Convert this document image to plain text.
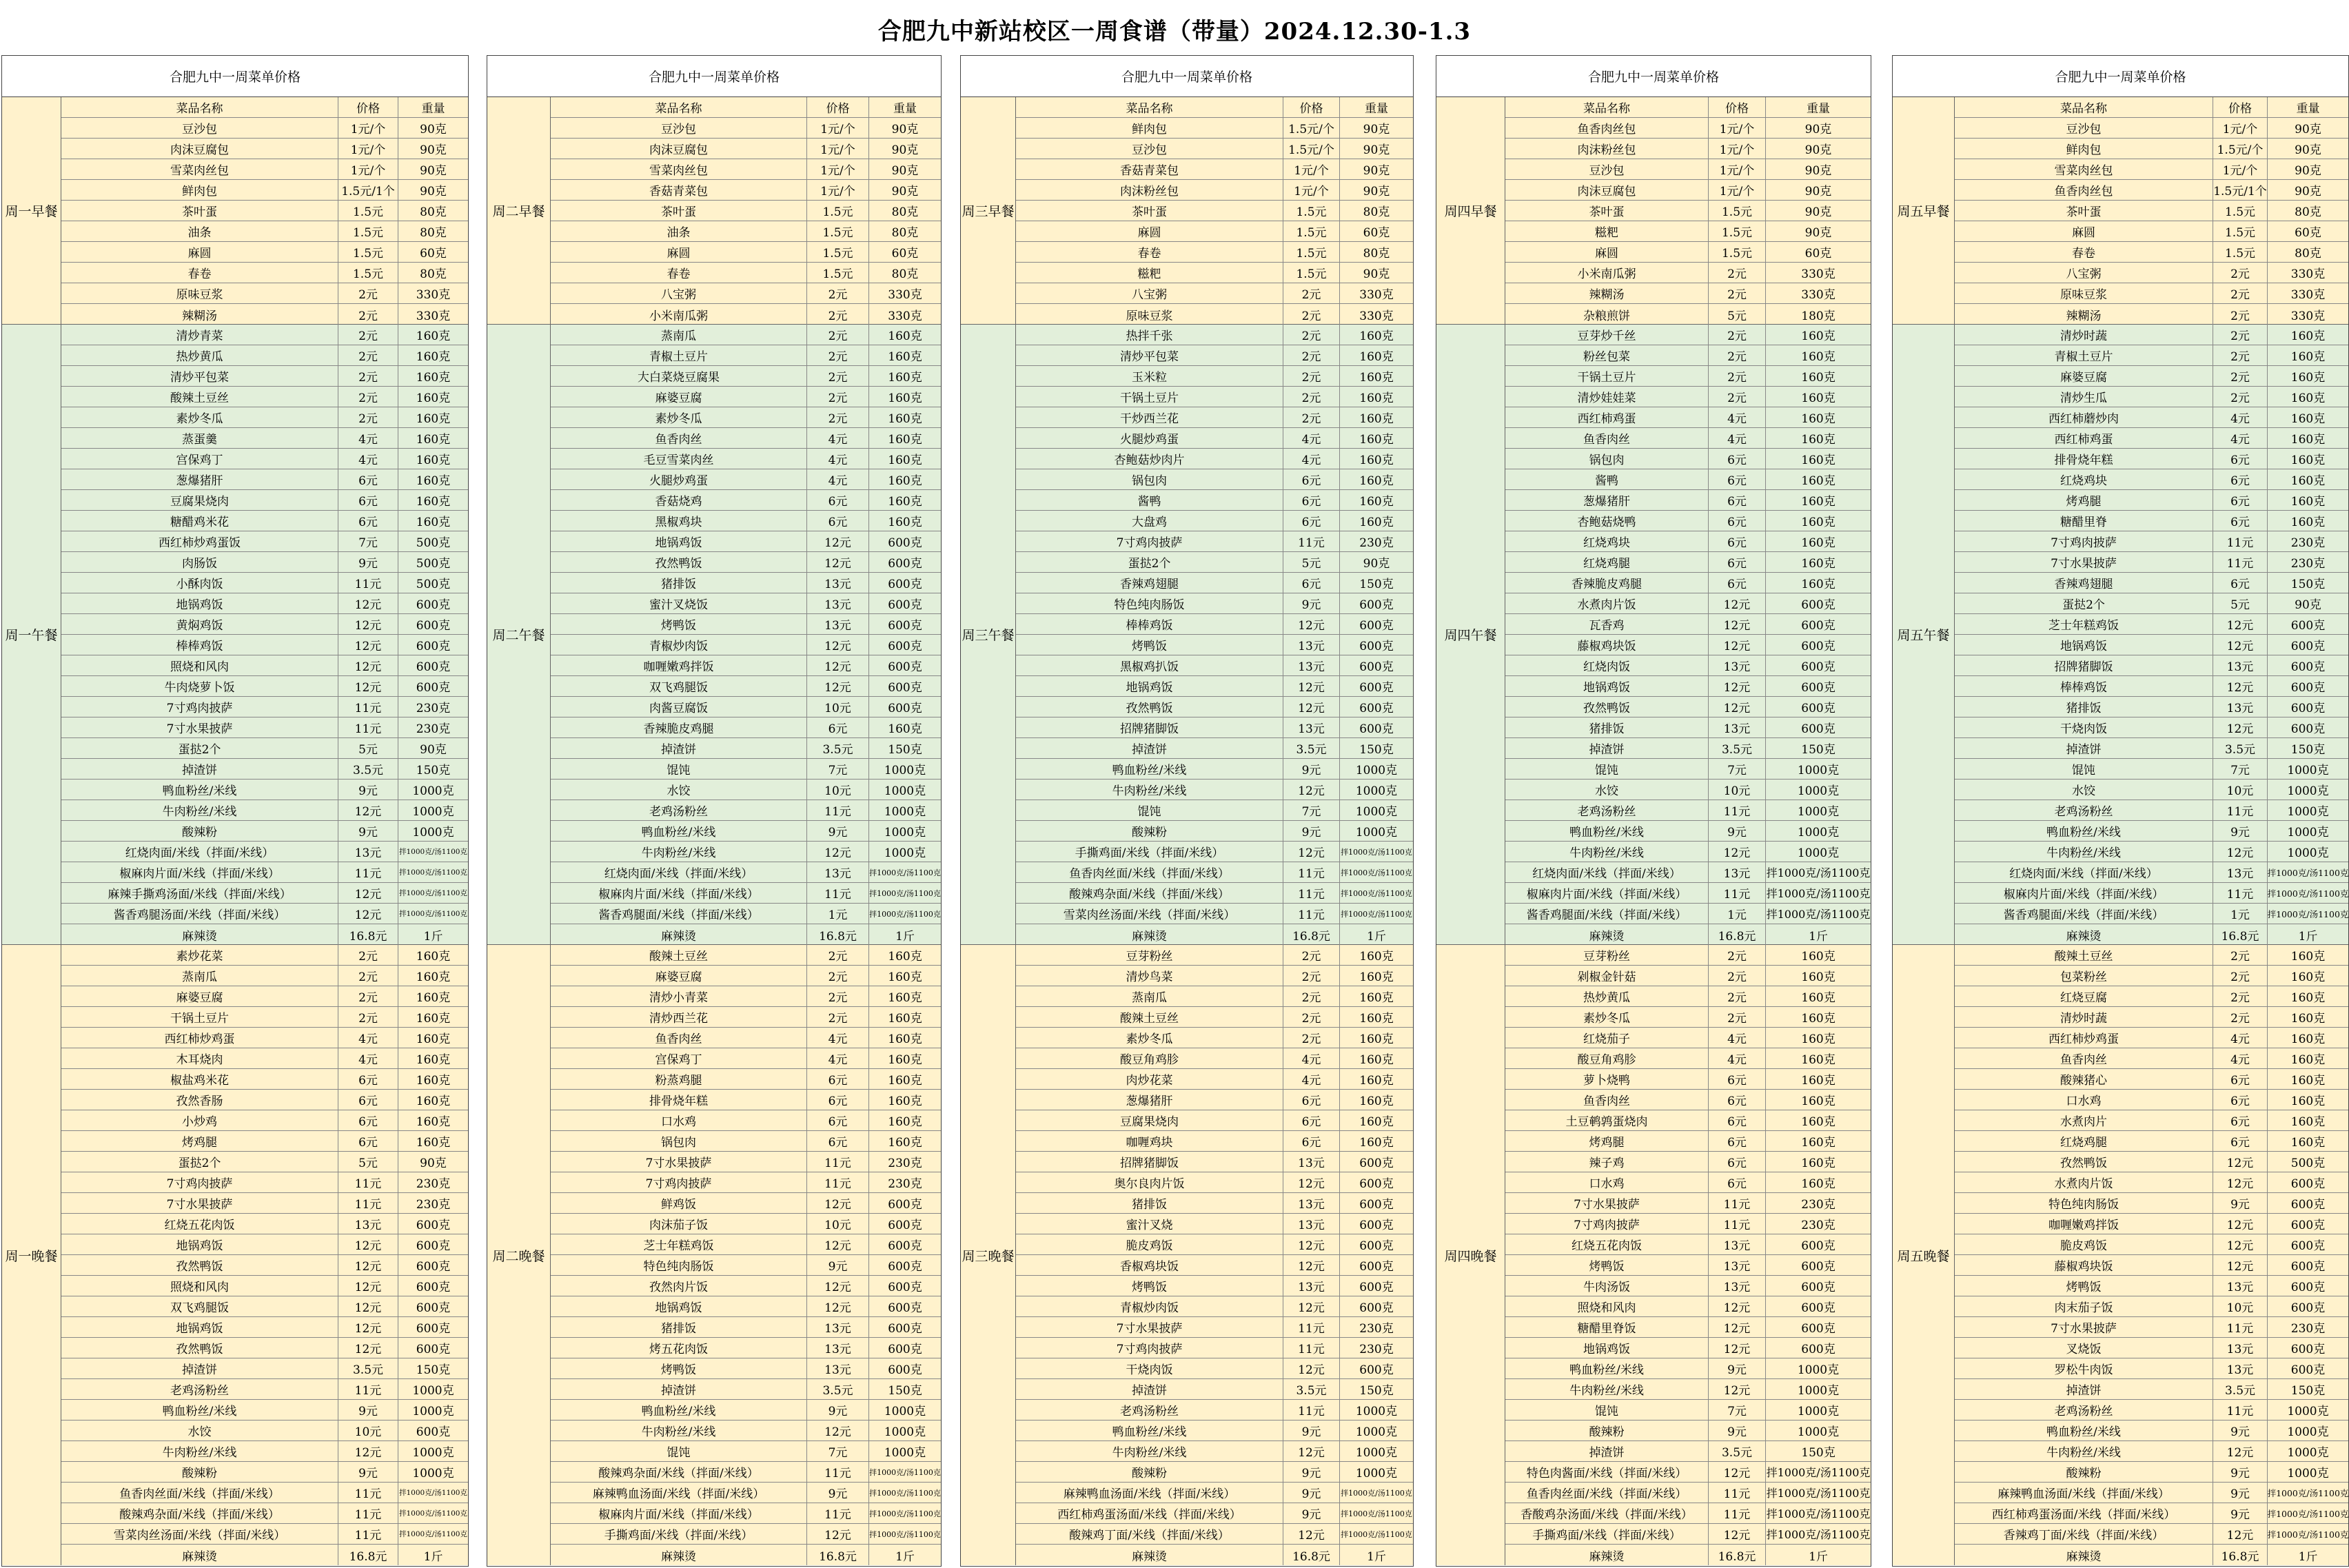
合肥九中新站校区一周食谱（带量）2024.12.30-1.3
合肥九中一周菜单价格
周一早餐
菜品名称	价格	重量
豆沙包	1元/个	90克
肉沫豆腐包	1元/个	90克
雪菜肉丝包	1元/个	90克
鲜肉包	1.5元/1个	90克
茶叶蛋	1.5元	80克
油条	1.5元	80克
麻圆	1.5元	60克
春卷	1.5元	80克
原味豆浆	2元	330克
辣糊汤	2元	330克
周一午餐
清炒青菜	2元	160克
热炒黄瓜	2元	160克
清炒平包菜	2元	160克
酸辣土豆丝	2元	160克
素炒冬瓜	2元	160克
蒸蛋羹	4元	160克
宫保鸡丁	4元	160克
葱爆猪肝	6元	160克
豆腐果烧肉	6元	160克
糖醋鸡米花	6元	160克
西红柿炒鸡蛋饭	7元	500克
肉肠饭	9元	500克
小酥肉饭	11元	500克
地锅鸡饭	12元	600克
黄焖鸡饭	12元	600克
棒棒鸡饭	12元	600克
照烧和风肉	12元	600克
牛肉烧萝卜饭	12元	600克
7寸鸡肉披萨	11元	230克
7寸水果披萨	11元	230克
蛋挞2个	5元	90克
掉渣饼	3.5元	150克
鸭血粉丝/米线	9元	1000克
牛肉粉丝/米线	12元	1000克
酸辣粉	9元	1000克
红烧肉面/米线（拌面/米线）	13元	拌1000克/汤1100克
椒麻肉片面/米线（拌面/米线）	11元	拌1000克/汤1100克
麻辣手撕鸡汤面/米线（拌面/米线）	12元	拌1000克/汤1100克
酱香鸡腿汤面/米线（拌面/米线）	12元	拌1000克/汤1100克
麻辣烫	16.8元	1斤
周一晚餐
素炒花菜	2元	160克
蒸南瓜	2元	160克
麻婆豆腐	2元	160克
干锅土豆片	2元	160克
西红柿炒鸡蛋	4元	160克
木耳烧肉	4元	160克
椒盐鸡米花	6元	160克
孜然香肠	6元	160克
小炒鸡	6元	160克
烤鸡腿	6元	160克
蛋挞2个	5元	90克
7寸鸡肉披萨	11元	230克
7寸水果披萨	11元	230克
红烧五花肉饭	13元	600克
地锅鸡饭	12元	600克
孜然鸭饭	12元	600克
照烧和风肉	12元	600克
双飞鸡腿饭	12元	600克
地锅鸡饭	12元	600克
孜然鸭饭	12元	600克
掉渣饼	3.5元	150克
老鸡汤粉丝	11元	1000克
鸭血粉丝/米线	9元	1000克
水饺	10元	600克
牛肉粉丝/米线	12元	1000克
酸辣粉	9元	1000克
鱼香肉丝面/米线（拌面/米线）	11元	拌1000克/汤1100克
酸辣鸡杂面/米线（拌面/米线）	11元	拌1000克/汤1100克
雪菜肉丝汤面/米线（拌面/米线）	11元	拌1000克/汤1100克
麻辣烫	16.8元	1斤
合肥九中一周菜单价格
周二早餐
菜品名称	价格	重量
豆沙包	1元/个	90克
肉沫豆腐包	1元/个	90克
雪菜肉丝包	1元/个	90克
香菇青菜包	1元/个	90克
茶叶蛋	1.5元	80克
油条	1.5元	80克
麻圆	1.5元	60克
春卷	1.5元	80克
八宝粥	2元	330克
小米南瓜粥	2元	330克
周二午餐
蒸南瓜	2元	160克
青椒土豆片	2元	160克
大白菜烧豆腐果	2元	160克
麻婆豆腐	2元	160克
素炒冬瓜	2元	160克
鱼香肉丝	4元	160克
毛豆雪菜肉丝	4元	160克
火腿炒鸡蛋	4元	160克
香菇烧鸡	6元	160克
黑椒鸡块	6元	160克
地锅鸡饭	12元	600克
孜然鸭饭	12元	600克
猪排饭	13元	600克
蜜汁叉烧饭	13元	600克
烤鸭饭	13元	600克
青椒炒肉饭	12元	600克
咖喱嫩鸡拌饭	12元	600克
双飞鸡腿饭	12元	600克
肉酱豆腐饭	10元	600克
香辣脆皮鸡腿	6元	160克
掉渣饼	3.5元	150克
馄饨	7元	1000克
水饺	10元	1000克
老鸡汤粉丝	11元	1000克
鸭血粉丝/米线	9元	1000克
牛肉粉丝/米线	12元	1000克
红烧肉面/米线（拌面/米线）	13元	拌1000克/汤1100克
椒麻肉片面/米线（拌面/米线）	11元	拌1000克/汤1100克
酱香鸡腿面/米线（拌面/米线）	1元	拌1000克/汤1100克
麻辣烫	16.8元	1斤
周二晚餐
酸辣土豆丝	2元	160克
麻婆豆腐	2元	160克
清炒小青菜	2元	160克
清炒西兰花	2元	160克
鱼香肉丝	4元	160克
宫保鸡丁	4元	160克
粉蒸鸡腿	6元	160克
排骨烧年糕	6元	160克
口水鸡	6元	160克
锅包肉	6元	160克
7寸水果披萨	11元	230克
7寸鸡肉披萨	11元	230克
鲜鸡饭	12元	600克
肉沫茄子饭	10元	600克
芝士年糕鸡饭	12元	600克
特色纯肉肠饭	9元	600克
孜然肉片饭	12元	600克
地锅鸡饭	12元	600克
猪排饭	13元	600克
烤五花肉饭	13元	600克
烤鸭饭	13元	600克
掉渣饼	3.5元	150克
鸭血粉丝/米线	9元	1000克
牛肉粉丝/米线	12元	1000克
馄饨	7元	1000克
酸辣鸡杂面/米线（拌面/米线）	11元	拌1000克/汤1100克
麻辣鸭血汤面/米线（拌面/米线）	9元	拌1000克/汤1100克
椒麻肉片面/米线（拌面/米线）	11元	拌1000克/汤1100克
手撕鸡面/米线（拌面/米线）	12元	拌1000克/汤1100克
麻辣烫	16.8元	1斤
合肥九中一周菜单价格
周三早餐
菜品名称	价格	重量
鲜肉包	1.5元/个	90克
豆沙包	1.5元/个	90克
香菇青菜包	1元/个	90克
肉沫粉丝包	1元/个	90克
茶叶蛋	1.5元	80克
麻圆	1.5元	60克
春卷	1.5元	80克
糍粑	1.5元	90克
八宝粥	2元	330克
原味豆浆	2元	330克
周三午餐
热拌千张	2元	160克
清炒平包菜	2元	160克
玉米粒	2元	160克
干锅土豆片	2元	160克
干炒西兰花	2元	160克
火腿炒鸡蛋	4元	160克
杏鲍菇炒肉片	4元	160克
锅包肉	6元	160克
酱鸭	6元	160克
大盘鸡	6元	160克
7寸鸡肉披萨	11元	230克
蛋挞2个	5元	90克
香辣鸡翅腿	6元	150克
特色纯肉肠饭	9元	600克
棒棒鸡饭	12元	600克
烤鸭饭	13元	600克
黑椒鸡扒饭	13元	600克
地锅鸡饭	12元	600克
孜然鸭饭	12元	600克
招牌猪脚饭	13元	600克
掉渣饼	3.5元	150克
鸭血粉丝/米线	9元	1000克
牛肉粉丝/米线	12元	1000克
馄饨	7元	1000克
酸辣粉	9元	1000克
手撕鸡面/米线（拌面/米线）	12元	拌1000克/汤1100克
鱼香肉丝面/米线（拌面/米线）	11元	拌1000克/汤1100克
酸辣鸡杂面/米线（拌面/米线）	11元	拌1000克/汤1100克
雪菜肉丝汤面/米线（拌面/米线）	11元	拌1000克/汤1100克
麻辣烫	16.8元	1斤
周三晚餐
豆芽粉丝	2元	160克
清炒鸟菜	2元	160克
蒸南瓜	2元	160克
酸辣土豆丝	2元	160克
素炒冬瓜	2元	160克
酸豆角鸡胗	4元	160克
肉炒花菜	4元	160克
葱爆猪肝	6元	160克
豆腐果烧肉	6元	160克
咖喱鸡块	6元	160克
招牌猪脚饭	13元	600克
奥尔良肉片饭	12元	600克
猪排饭	13元	600克
蜜汁叉烧	13元	600克
脆皮鸡饭	12元	600克
香椒鸡块饭	12元	600克
烤鸭饭	13元	600克
青椒炒肉饭	12元	600克
7寸水果披萨	11元	230克
7寸鸡肉披萨	11元	230克
干烧肉饭	12元	600克
掉渣饼	3.5元	150克
老鸡汤粉丝	11元	1000克
鸭血粉丝/米线	9元	1000克
牛肉粉丝/米线	12元	1000克
酸辣粉	9元	1000克
麻辣鸭血汤面/米线（拌面/米线）	9元	拌1000克/汤1100克
西红柿鸡蛋汤面/米线（拌面/米线）	9元	拌1000克/汤1100克
酸辣鸡丁面/米线（拌面/米线）	12元	拌1000克/汤1100克
麻辣烫	16.8元	1斤
合肥九中一周菜单价格
周四早餐
菜品名称	价格	重量
鱼香肉丝包	1元/个	90克
肉沫粉丝包	1元/个	90克
豆沙包	1元/个	90克
肉沫豆腐包	1元/个	90克
茶叶蛋	1.5元	90克
糍粑	1.5元	90克
麻圆	1.5元	60克
小米南瓜粥	2元	330克
辣糊汤	2元	330克
杂粮煎饼	5元	180克
周四午餐
豆芽炒千丝	2元	160克
粉丝包菜	2元	160克
干锅土豆片	2元	160克
清炒娃娃菜	2元	160克
西红柿鸡蛋	4元	160克
鱼香肉丝	4元	160克
锅包肉	6元	160克
酱鸭	6元	160克
葱爆猪肝	6元	160克
杏鲍菇烧鸭	6元	160克
红烧鸡块	6元	160克
红烧鸡腿	6元	160克
香辣脆皮鸡腿	6元	160克
水煮肉片饭	12元	600克
瓦香鸡	12元	600克
藤椒鸡块饭	12元	600克
红烧肉饭	13元	600克
地锅鸡饭	12元	600克
孜然鸭饭	12元	600克
猪排饭	13元	600克
掉渣饼	3.5元	150克
馄饨	7元	1000克
水饺	10元	1000克
老鸡汤粉丝	11元	1000克
鸭血粉丝/米线	9元	1000克
牛肉粉丝/米线	12元	1000克
红烧肉面/米线（拌面/米线）	13元	拌1000克/汤1100克
椒麻肉片面/米线（拌面/米线）	11元	拌1000克/汤1100克
酱香鸡腿面/米线（拌面/米线）	1元	拌1000克/汤1100克
麻辣烫	16.8元	1斤
周四晚餐
豆芽粉丝	2元	160克
剁椒金针菇	2元	160克
热炒黄瓜	2元	160克
素炒冬瓜	2元	160克
红烧茄子	4元	160克
酸豆角鸡胗	4元	160克
萝卜烧鸭	6元	160克
鱼香肉丝	6元	160克
土豆鹌鹑蛋烧肉	6元	160克
烤鸡腿	6元	160克
辣子鸡	6元	160克
口水鸡	6元	160克
7寸水果披萨	11元	230克
7寸鸡肉披萨	11元	230克
红烧五花肉饭	13元	600克
烤鸭饭	13元	600克
牛肉汤饭	13元	600克
照烧和风肉	12元	600克
糖醋里脊饭	12元	600克
地锅鸡饭	12元	600克
鸭血粉丝/米线	9元	1000克
牛肉粉丝/米线	12元	1000克
馄饨	7元	1000克
酸辣粉	9元	1000克
掉渣饼	3.5元	150克
特色肉酱面/米线（拌面/米线）	12元	拌1000克/汤1100克
鱼香肉丝面/米线（拌面/米线）	11元	拌1000克/汤1100克
香酸鸡杂汤面/米线（拌面/米线）	11元	拌1000克/汤1100克
手撕鸡面/米线（拌面/米线）	12元	拌1000克/汤1100克
麻辣烫	16.8元	1斤
合肥九中一周菜单价格
周五早餐
菜品名称	价格	重量
豆沙包	1元/个	90克
鲜肉包	1.5元/个	90克
雪菜肉丝包	1元/个	90克
鱼香肉丝包	1.5元/1个	90克
茶叶蛋	1.5元	80克
麻圆	1.5元	60克
春卷	1.5元	80克
八宝粥	2元	330克
原味豆浆	2元	330克
辣糊汤	2元	330克
周五午餐
清炒时蔬	2元	160克
青椒土豆片	2元	160克
麻婆豆腐	2元	160克
清炒生瓜	2元	160克
西红柿蘑炒肉	4元	160克
西红柿鸡蛋	4元	160克
排骨烧年糕	6元	160克
红烧鸡块	6元	160克
烤鸡腿	6元	160克
糖醋里脊	6元	160克
7寸鸡肉披萨	11元	230克
7寸水果披萨	11元	230克
香辣鸡翅腿	6元	150克
蛋挞2个	5元	90克
芝士年糕鸡饭	12元	600克
地锅鸡饭	12元	600克
招牌猪脚饭	13元	600克
棒棒鸡饭	12元	600克
猪排饭	13元	600克
干烧肉饭	12元	600克
掉渣饼	3.5元	150克
馄饨	7元	1000克
水饺	10元	1000克
老鸡汤粉丝	11元	1000克
鸭血粉丝/米线	9元	1000克
牛肉粉丝/米线	12元	1000克
红烧肉面/米线（拌面/米线）	13元	拌1000克/汤1100克
椒麻肉片面/米线（拌面/米线）	11元	拌1000克/汤1100克
酱香鸡腿面/米线（拌面/米线）	1元	拌1000克/汤1100克
麻辣烫	16.8元	1斤
周五晚餐
酸辣土豆丝	2元	160克
包菜粉丝	2元	160克
红烧豆腐	2元	160克
清炒时蔬	2元	160克
西红柿炒鸡蛋	4元	160克
鱼香肉丝	4元	160克
酸辣猪心	6元	160克
口水鸡	6元	160克
水煮肉片	6元	160克
红烧鸡腿	6元	160克
孜然鸭饭	12元	500克
水煮肉片饭	12元	600克
特色纯肉肠饭	9元	600克
咖喱嫩鸡拌饭	12元	600克
脆皮鸡饭	12元	600克
藤椒鸡块饭	12元	600克
烤鸭饭	13元	600克
肉末茄子饭	10元	600克
7寸水果披萨	11元	230克
叉烧饭	13元	600克
罗松牛肉饭	13元	600克
掉渣饼	3.5元	150克
老鸡汤粉丝	11元	1000克
鸭血粉丝/米线	9元	1000克
牛肉粉丝/米线	12元	1000克
酸辣粉	9元	1000克
麻辣鸭血汤面/米线（拌面/米线）	9元	拌1000克/汤1100克
西红柿鸡蛋汤面/米线（拌面/米线）	9元	拌1000克/汤1100克
香辣鸡丁面/米线（拌面/米线）	12元	拌1000克/汤1100克
麻辣烫	16.8元	1斤
